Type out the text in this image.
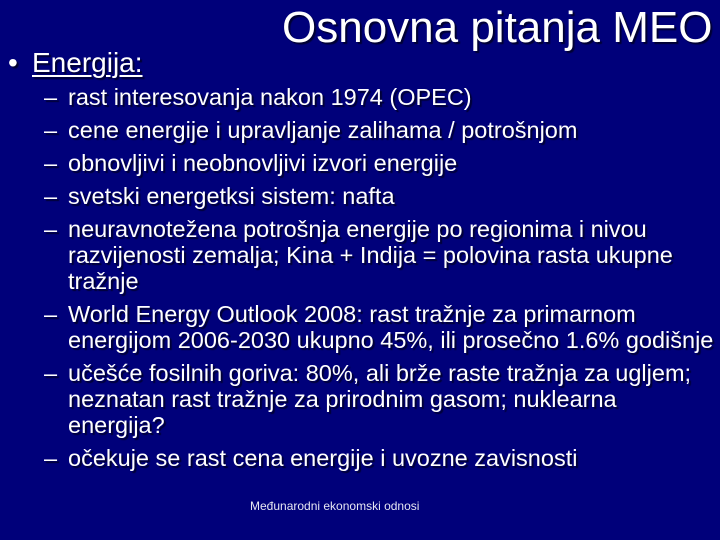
Osnovna pitanja MEO
• Energija:
– rast interesovanja nakon 1974 (OPEC)
– cene energije i upravljanje zalihama / potrošnjom
– obnovljivi i neobnovljivi izvori energije
– svetski energetksi sistem: nafta
– neuravnotežena potrošnja energije po regionima i nivou razvijenosti zemalja; Kina + Indija = polovina rasta ukupne tražnje
– World Energy Outlook 2008: rast tražnje za primarnom energijom 2006-2030 ukupno 45%, ili prosečno 1.6% godišnje
– učešće fosilnih goriva: 80%, ali brže raste tražnja za ugljem; neznatan rast tražnje za prirodnim gasom; nuklearna energija?
– očekuje se rast cena energije i uvozne zavisnosti
Međunarodni ekonomski odnosi
